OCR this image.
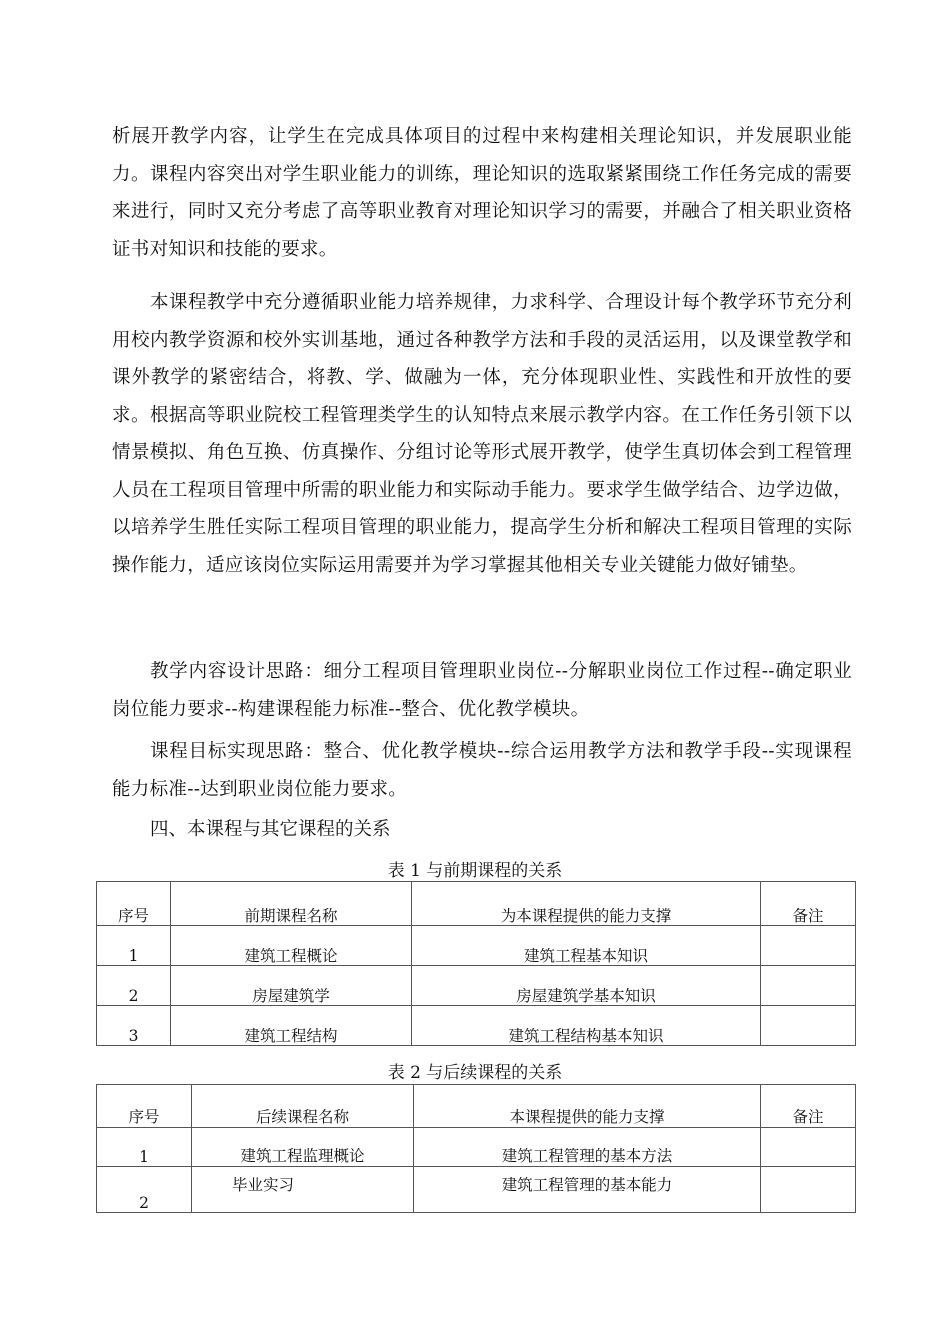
析展开教学内容，让学生在完成具体项目的过程中来构建相关理论知识，并发展职业能力。课程内容突出对学生职业能力的训练，理论知识的选取紧紧围绕工作任务完成的需要来进行，同时又充分考虑了高等职业教育对理论知识学习的需要，并融合了相关职业资格证书对知识和技能的要求。

本课程教学中充分遵循职业能力培养规律，力求科学、合理设计每个教学环节充分利用校内教学资源和校外实训基地，通过各种教学方法和手段的灵活运用，以及课堂教学和课外教学的紧密结合，将教、学、做融为一体，充分体现职业性、实践性和开放性的要求。根据高等职业院校工程管理类学生的认知特点来展示教学内容。在工作任务引领下以情景模拟、角色互换、仿真操作、分组讨论等形式展开教学，使学生真切体会到工程管理人员在工程项目管理中所需的职业能力和实际动手能力。要求学生做学结合、边学边做，以培养学生胜任实际工程项目管理的职业能力，提高学生分析和解决工程项目管理的实际操作能力，适应该岗位实际运用需要并为学习掌握其他相关专业关键能力做好铺垫。

教学内容设计思路：细分工程项目管理职业岗位--分解职业岗位工作过程--确定职业岗位能力要求--构建课程能力标准--整合、优化教学模块。

课程目标实现思路：整合、优化教学模块--综合运用教学方法和教学手段--实现课程能力标准--达到职业岗位能力要求。

四、本课程与其它课程的关系

表 1 与前期课程的关系
序号	前期课程名称	为本课程提供的能力支撑	备注
1	建筑工程概论	建筑工程基本知识	
2	房屋建筑学	房屋建筑学基本知识	
3	建筑工程结构	建筑工程结构基本知识	
表 2 与后续课程的关系
序号	后续课程名称	本课程提供的能力支撑	备注
1	建筑工程监理概论	建筑工程管理的基本方法	
2	毕业实习	建筑工程管理的基本能力	
